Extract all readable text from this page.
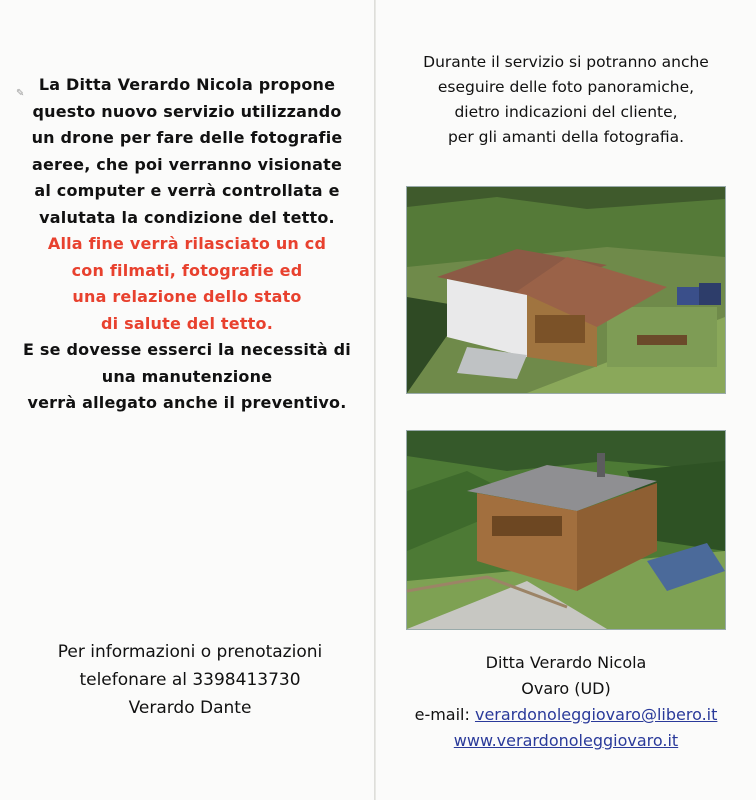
✎ La Ditta Verardo Nicola propone
questo nuovo servizio utilizzando
un drone per fare delle fotografie
aeree, che poi verranno visionate
al computer e verrà controllata e
valutata la condizione del tetto.
Alla fine verrà rilasciato un cd
con filmati, fotografie ed
una relazione dello stato
di salute del tetto.
E se dovesse esserci la necessità di
una manutenzione
verrà allegato anche il preventivo.
Per informazioni o prenotazioni
telefonare al 3398413730
Verardo Dante
Durante il servizio si potranno anche
eseguire delle foto panoramiche,
dietro indicazioni del cliente,
per gli amanti della fotografia.
Ditta Verardo Nicola
Ovaro (UD)
e-mail: verardonoleggiovaro@libero.it
www.verardonoleggiovaro.it
